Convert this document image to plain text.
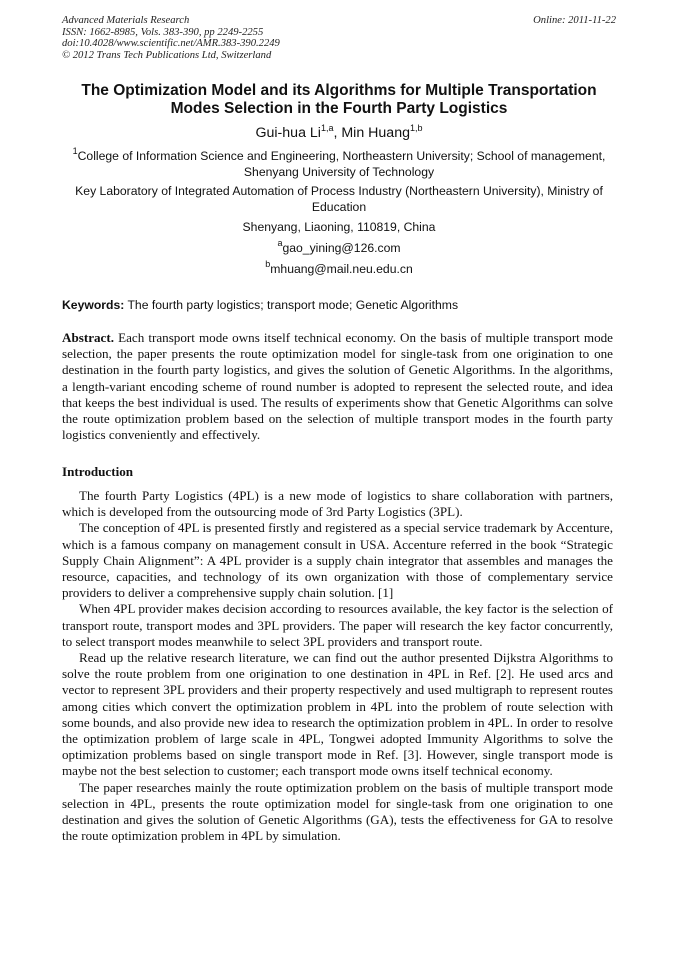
Advanced Materials Research
ISSN: 1662-8985, Vols. 383-390, pp 2249-2255
doi:10.4028/www.scientific.net/AMR.383-390.2249
© 2012 Trans Tech Publications Ltd, Switzerland
Online: 2011-11-22
The Optimization Model and its Algorithms for Multiple Transportation
Modes Selection in the Fourth Party Logistics
Gui-hua Li$^{1,a}$, Min Huang$^{1,b}$
$^1$College of Information Science and Engineering, Northeastern University; School of management, Shenyang University of Technology
Key Laboratory of Integrated Automation of Process Industry (Northeastern University), Ministry of Education
Shenyang, Liaoning, 110819, China
$^a$gao_yining@126.com
$^b$mhuang@mail.neu.edu.cn
Keywords: The fourth party logistics; transport mode; Genetic Algorithms
Abstract. Each transport mode owns itself technical economy. On the basis of multiple transport mode selection, the paper presents the route optimization model for single-task from one origination to one destination in the fourth party logistics, and gives the solution of Genetic Algorithms. In the algorithms, a length-variant encoding scheme of round number is adopted to represent the selected route, and idea that keeps the best individual is used. The results of experiments show that Genetic Algorithms can solve the route optimization problem based on the selection of multiple transport modes in the fourth party logistics conveniently and effectively.
Introduction

The fourth Party Logistics (4PL) is a new mode of logistics to share collaboration with partners, which is developed from the outsourcing mode of 3rd Party Logistics (3PL).

The conception of 4PL is presented firstly and registered as a special service trademark by Accenture, which is a famous company on management consult in USA. Accenture referred in the book “Strategic Supply Chain Alignment”: A 4PL provider is a supply chain integrator that assembles and manages the resource, capacities, and technology of its own organization with those of complementary service providers to deliver a comprehensive supply chain solution. [1]

When 4PL provider makes decision according to resources available, the key factor is the selection of transport route, transport modes and 3PL providers. The paper will research the key factor concurrently, to select transport modes meanwhile to select 3PL providers and transport route.

Read up the relative research literature, we can find out the author presented Dijkstra Algorithms to solve the route problem from one origination to one destination in 4PL in Ref. [2]. He used arcs and vector to represent 3PL providers and their property respectively and used multigraph to represent routes among cities which convert the optimization problem in 4PL into the problem of route selection with some bounds, and also provide new idea to research the optimization problem in 4PL. In order to resolve the optimization problem of large scale in 4PL, Tongwei adopted Immunity Algorithms to solve the optimization problems based on single transport mode in Ref. [3]. However, single transport mode is maybe not the best selection to customer; each transport mode owns itself technical economy.

The paper researches mainly the route optimization problem on the basis of multiple transport mode selection in 4PL, presents the route optimization model for single-task from one origination to one destination and gives the solution of Genetic Algorithms (GA), tests the effectiveness for GA to resolve the route optimization problem in 4PL by simulation.
